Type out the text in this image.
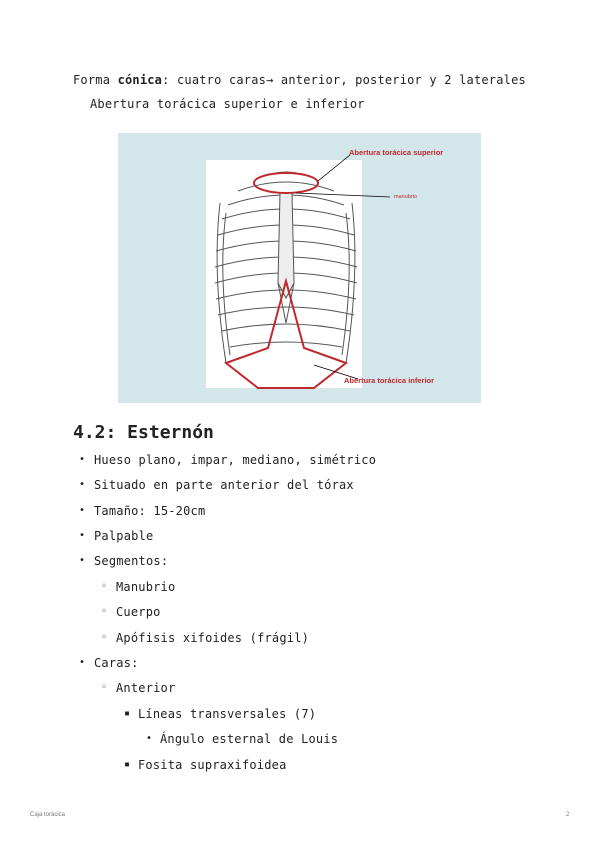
Forma cónica: cuatro caras→ anterior, posterior y 2 laterales
Abertura torácica superior e inferior
Abertura torácica superior
manubrio
Abertura torácica inferior
4.2: Esternón
• Hueso plano, impar, mediano, simétrico
• Situado en parte anterior del tórax
• Tamaño: 15-20cm
• Palpable
• Segmentos:
◦ Manubrio
◦ Cuerpo
◦ Apófisis xifoides (frágil)
• Caras:
◦ Anterior
▪ Líneas transversales (7)
• Ángulo esternal de Louis
▪ Fosita supraxifoidea
Caja torácica	2
